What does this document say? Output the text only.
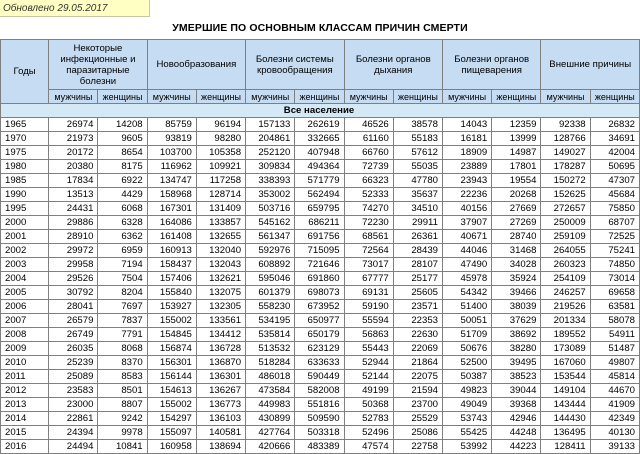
Обновлено 29.05.2017
УМЕРШИЕ ПО ОСНОВНЫМ КЛАССАМ ПРИЧИН СМЕРТИ
Годы	Некоторые инфекционные и паразитарные болезни		Новообразования		Болезни системы кровообращения		Болезни органов дыхания		Болезни органов пищеварения		Внешние причины	
	мужчины	женщины	мужчины	женщины	мужчины	женщины	мужчины	женщины	мужчины	женщины	мужчины	женщины
Все население												
1965	26974	14208	85759	96194	157133	262619	46526	38578	14043	12359	92338	26832
1970	21973	9605	93819	98280	204861	332665	61160	55183	16181	13999	128766	34691
1975	20172	8654	103700	105358	252120	407948	66760	57612	18909	14987	149027	42004
1980	20380	8175	116962	109921	309834	494364	72739	55035	23889	17801	178287	50695
1985	17834	6922	134747	117258	338393	571779	66323	47780	23943	19554	150272	47307
1990	13513	4429	158968	128714	353002	562494	52333	35637	22236	20268	152625	45684
1995	24431	6068	167301	131409	503716	659795	74270	34510	40156	27669	272657	75850
2000	29886	6328	164086	133857	545162	686211	72230	29911	37907	27269	250009	68707
2001	28910	6362	161408	132655	561347	691756	68561	26361	40671	28740	259109	72525
2002	29972	6959	160913	132040	592976	715095	72564	28439	44046	31468	264055	75241
2003	29958	7194	158437	132043	608892	721646	73017	28107	47490	34028	260323	74850
2004	29526	7504	157406	132621	595046	691860	67777	25177	45978	35924	254109	73014
2005	30792	8204	155840	132075	601379	698073	69131	25605	54342	39466	246257	69658
2006	28041	7697	153927	132305	558230	673952	59190	23571	51400	38039	219526	63581
2007	26579	7837	155002	133561	534195	650977	55594	22353	50051	37629	201334	58078
2008	26749	7791	154845	134412	535814	650179	56863	22630	51709	38692	189552	54911
2009	26035	8068	156874	136728	513532	623129	55443	22069	50676	38280	173089	51487
2010	25239	8370	156301	136870	518284	633633	52944	21864	52500	39495	167060	49807
2011	25089	8583	156144	136301	486018	590449	52144	22075	50387	38523	153544	45814
2012	23583	8501	154613	136267	473584	582008	49199	21594	49823	39044	149104	44670
2013	23000	8807	155002	136773	449983	551816	50368	23700	49049	39368	143444	41909
2014	22861	9242	154297	136103	430899	509590	52783	25529	53743	42946	144430	42349
2015	24394	9978	155097	140581	427764	503318	52496	25086	55425	44248	136495	40130
2016	24494	10841	160958	138694	420666	483389	47574	22758	53992	44223	128411	39133
